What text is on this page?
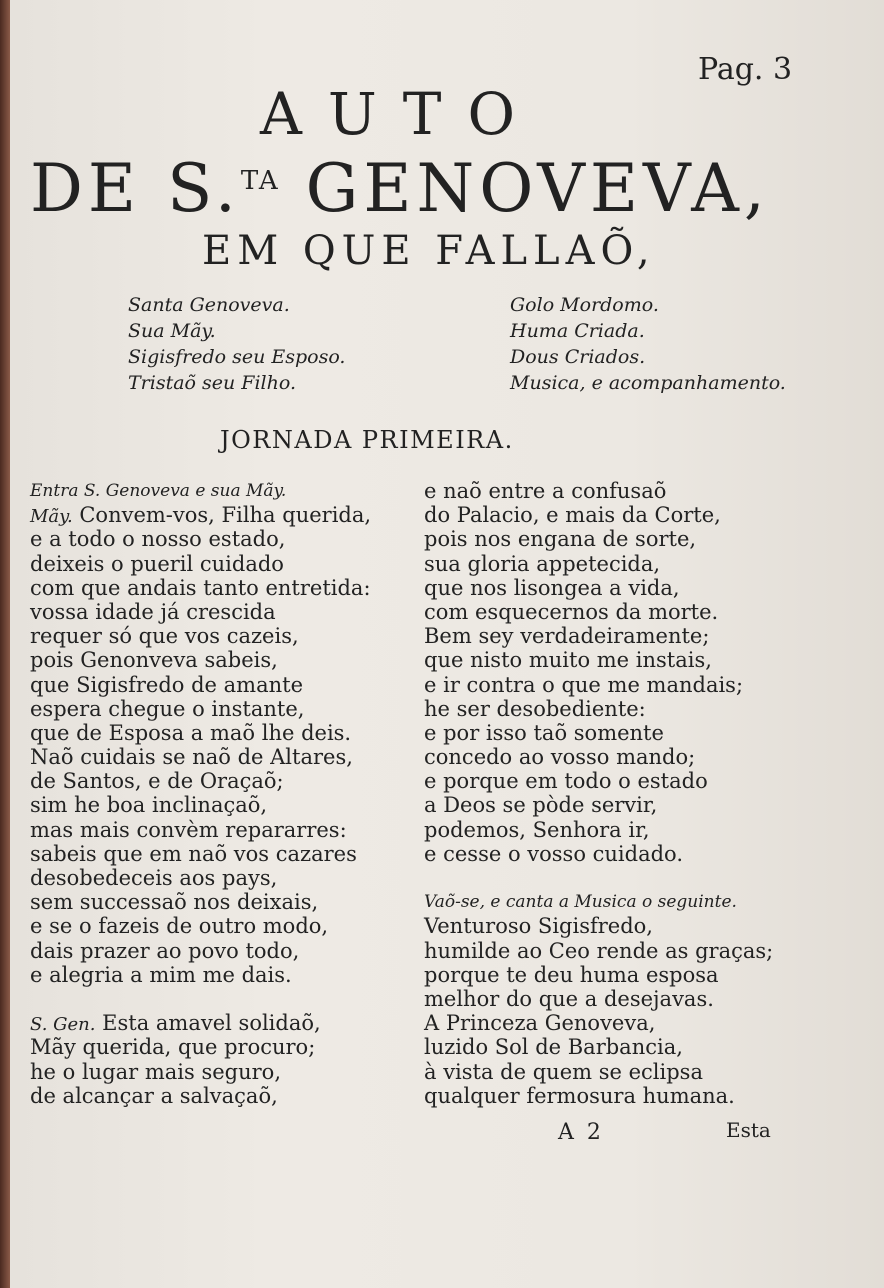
Pag. 3
AUTO
DE S.$^{TA}$ GENOVEVA,
EM QUE FALLAÕ,
Santa Genoveva.
Sua Mãy.
Sigisfredo seu Esposo.
Tristaõ seu Filho.
Golo Mordomo.
Huma Criada.
Dous Criados.
Musica, e acompanhamento.
JORNADA PRIMEIRA.
Entra S. Genoveva e sua Mãy.
Mãy. Convem-vos, Filha querida,
e a todo o nosso estado,
deixeis o pueril cuidado
com que andais tanto entretida:
vossa idade já crescida
requer só que vos cazeis,
pois Genonveva sabeis,
que Sigisfredo de amante
espera chegue o instante,
que de Esposa a maõ lhe deis.
Naõ cuidais se naõ de Altares,
de Santos, e de Oraçaõ;
sim he boa inclinaçaõ,
mas mais convèm repararres:
sabeis que em naõ vos cazares
desobedeceis aos pays,
sem successaõ nos deixais,
e se o fazeis de outro modo,
dais prazer ao povo todo,
e alegria a mim me dais.
S. Gen. Esta amavel solidaõ,
Mãy querida, que procuro;
he o lugar mais seguro,
de alcançar a salvaçaõ,
e naõ entre a confusaõ
do Palacio, e mais da Corte,
pois nos engana de sorte,
sua gloria appetecida,
que nos lisongea a vida,
com esquecernos da morte.
Bem sey verdadeiramente;
que nisto muito me instais,
e ir contra o que me mandais;
he ser desobediente:
e por isso taõ somente
concedo ao vosso mando;
e porque em todo o estado
a Deos se pòde servir,
podemos, Senhora ir,
e cesse o vosso cuidado.
Vaõ-se, e canta a Musica o seguinte.
Venturoso Sigisfredo,
humilde ao Ceo rende as graças;
porque te deu huma esposa
melhor do que a desejavas.
A Princeza Genoveva,
luzido Sol de Barbancia,
à vista de quem se eclipsa
qualquer fermosura humana.
A 2	Esta
